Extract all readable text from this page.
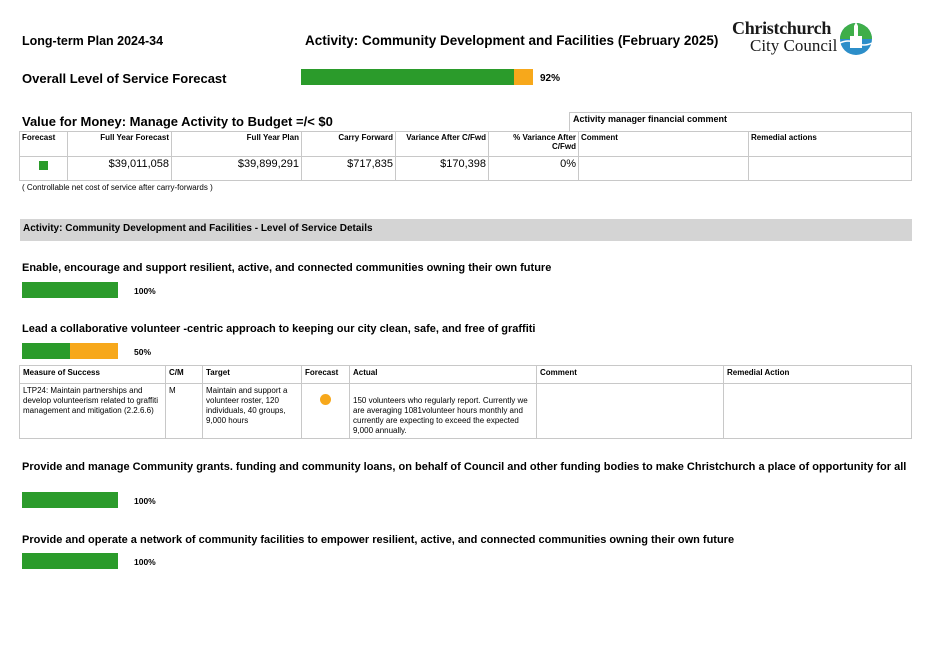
Long-term Plan 2024-34	Activity: Community Development and Facilities (February 2025)
Christchurch
City Council
Overall Level of Service Forecast	92%
Value for Money: Manage Activity to Budget =/< $0	Activity manager financial comment
Forecast	Full Year Forecast	Full Year Plan	Carry Forward	Variance After C/Fwd	% Variance After C/Fwd	Comment	Remedial actions

	$39,011,058	$39,899,291	$717,835	$170,398	0%		
( Controllable net cost of service after carry-forwards )
Activity: Community Development and Facilities - Level of Service Details
Enable, encourage and support resilient, active, and connected communities owning their own future
100%
Lead a collaborative volunteer -centric approach to keeping our city clean, safe, and free of graffiti
50%
Measure of Success	C/M	Target	Forecast	Actual	Comment	Remedial Action
LTP24: Maintain partnerships and develop volunteerism related to graffiti management and mitigation (2.2.6.6)	M	Maintain and support a volunteer roster, 120 individuals, 40 groups, 9,000 hours		150 volunteers who regularly report. Currently we are averaging 1081volunteer hours monthly and currently are expecting to exceed the expected 9,000 annually.		
Provide and manage Community grants. funding and community loans, on behalf of Council and other funding bodies to make Christchurch a place of opportunity for all
100%
Provide and operate a network of community facilities to empower resilient, active, and connected communities owning their own future
100%
